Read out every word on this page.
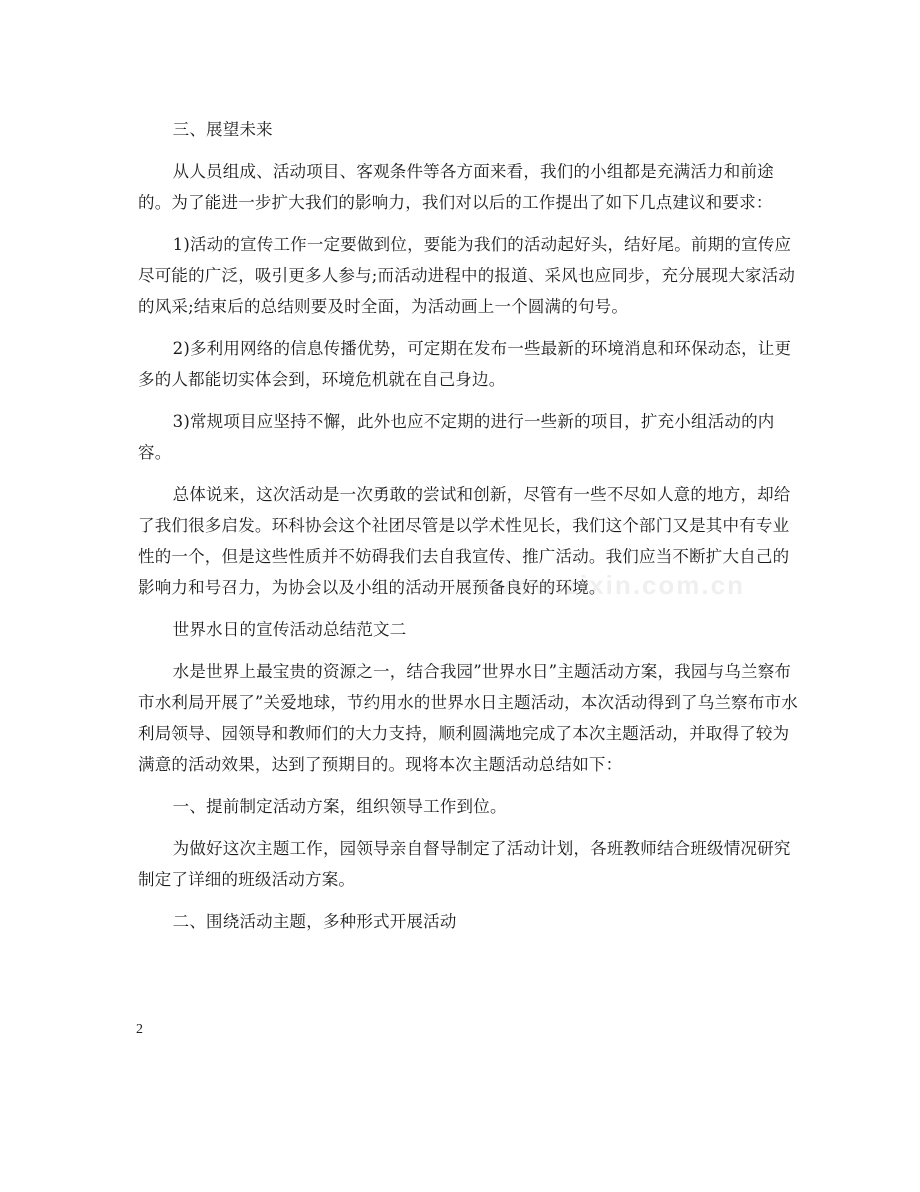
三、展望未来

从人员组成、活动项目、客观条件等各方面来看，我们的小组都是充满活力和前途的。为了能进一步扩大我们的影响力，我们对以后的工作提出了如下几点建议和要求：

1)活动的宣传工作一定要做到位，要能为我们的活动起好头，结好尾。前期的宣传应尽可能的广泛，吸引更多人参与;而活动进程中的报道、采风也应同步，充分展现大家活动的风采;结束后的总结则要及时全面，为活动画上一个圆满的句号。

2)多利用网络的信息传播优势，可定期在发布一些最新的环境消息和环保动态，让更多的人都能切实体会到，环境危机就在自己身边。

3)常规项目应坚持不懈，此外也应不定期的进行一些新的项目，扩充小组活动的内容。

总体说来，这次活动是一次勇敢的尝试和创新，尽管有一些不尽如人意的地方，却给了我们很多启发。环科协会这个社团尽管是以学术性见长，我们这个部门又是其中有专业性的一个，但是这些性质并不妨碍我们去自我宣传、推广活动。我们应当不断扩大自己的影响力和号召力，为协会以及小组的活动开展预备良好的环境。

世界水日的宣传活动总结范文二

水是世界上最宝贵的资源之一，结合我园”世界水日”主题活动方案，我园与乌兰察布市水利局开展了”关爱地球，节约用水的世界水日主题活动，本次活动得到了乌兰察布市水利局领导、园领导和教师们的大力支持，顺利圆满地完成了本次主题活动，并取得了较为满意的活动效果，达到了预期目的。现将本次主题活动总结如下：

一、提前制定活动方案，组织领导工作到位。

为做好这次主题工作，园领导亲自督导制定了活动计划，各班教师结合班级情况研究制定了详细的班级活动方案。

二、围绕活动主题，多种形式开展活动

www.zixin.com.cn
2
